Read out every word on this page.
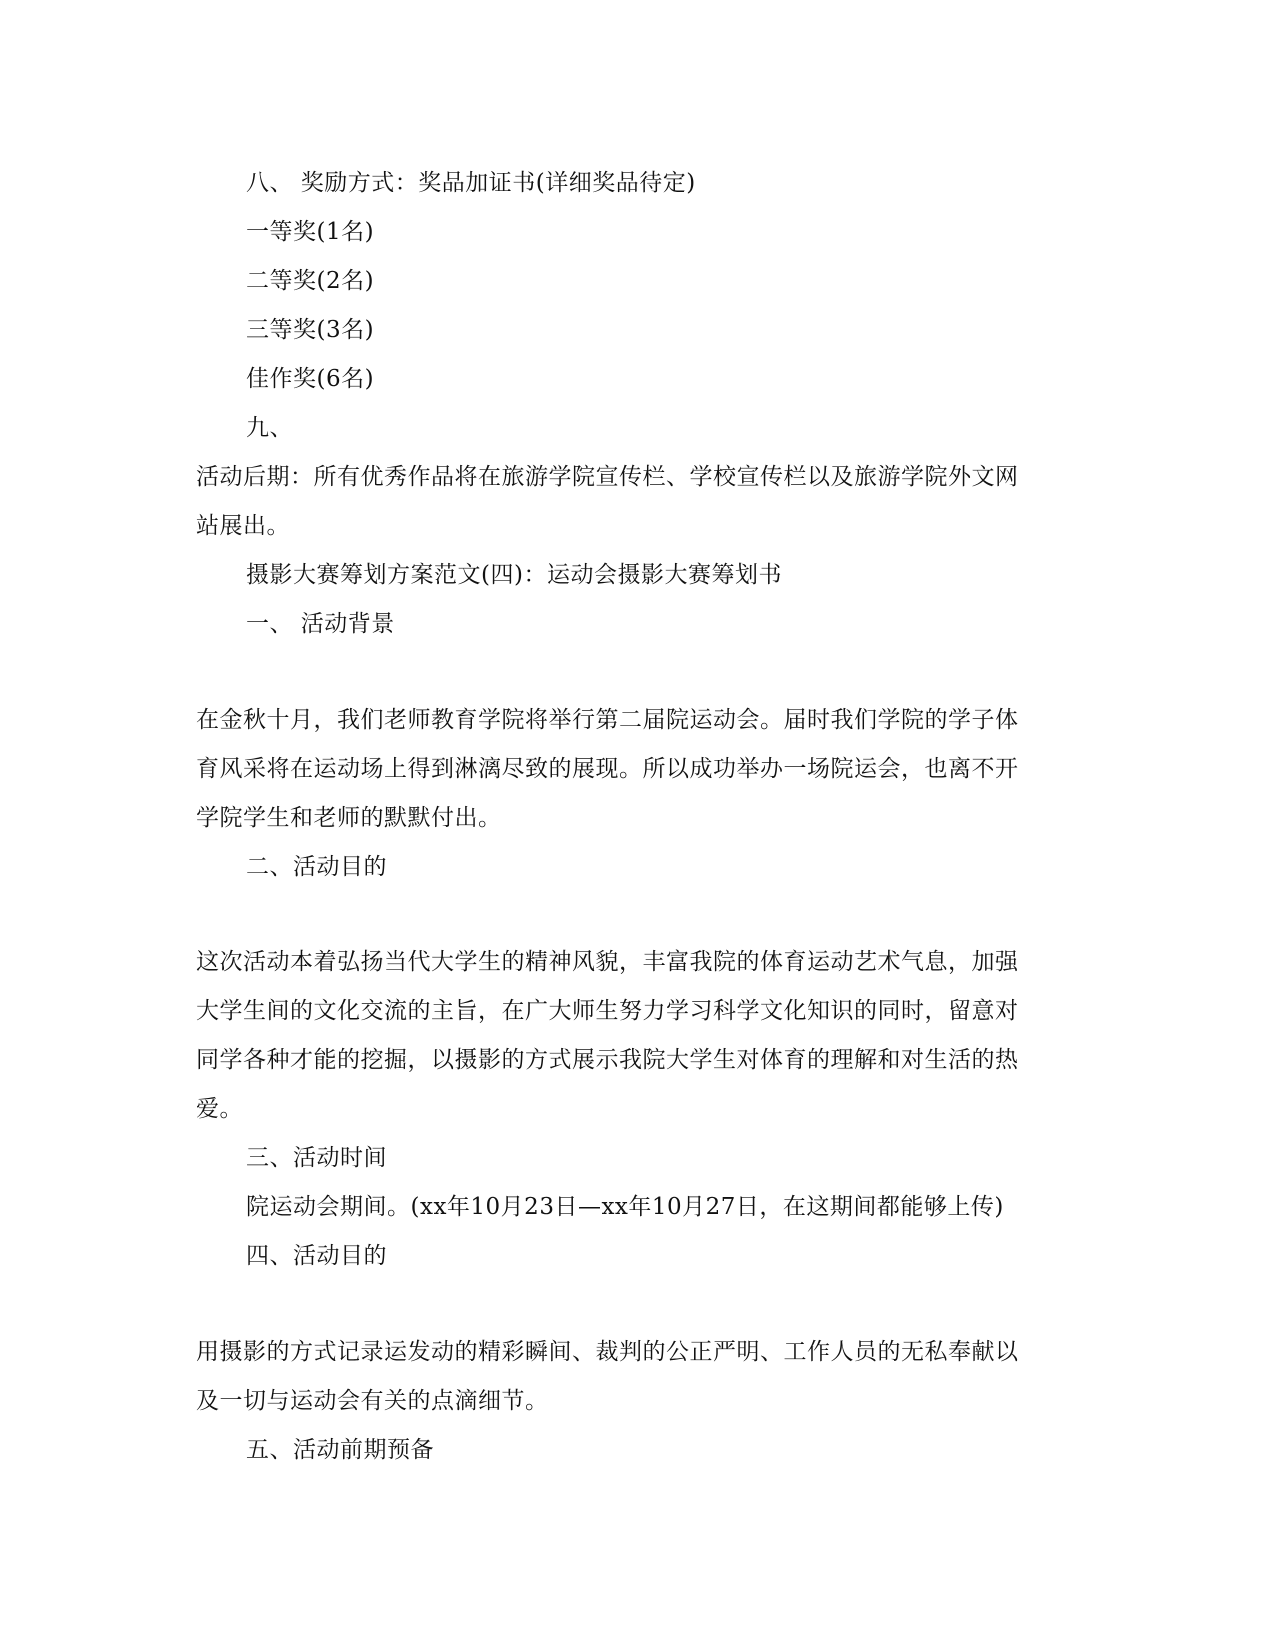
八、 奖励方式：奖品加证书(详细奖品待定)
一等奖(1名)
二等奖(2名)
三等奖(3名)
佳作奖(6名)
九、
活动后期：所有优秀作品将在旅游学院宣传栏、学校宣传栏以及旅游学院外文网
站展出。
摄影大赛筹划方案范文(四)：运动会摄影大赛筹划书
一、 活动背景
在金秋十月，我们老师教育学院将举行第二届院运动会。届时我们学院的学子体
育风采将在运动场上得到淋漓尽致的展现。所以成功举办一场院运会，也离不开
学院学生和老师的默默付出。
二、活动目的
这次活动本着弘扬当代大学生的精神风貌，丰富我院的体育运动艺术气息，加强
大学生间的文化交流的主旨，在广大师生努力学习科学文化知识的同时，留意对
同学各种才能的挖掘，以摄影的方式展示我院大学生对体育的理解和对生活的热
爱。
三、活动时间
院运动会期间。(xx年10月23日—xx年10月27日，在这期间都能够上传)
四、活动目的
用摄影的方式记录运发动的精彩瞬间、裁判的公正严明、工作人员的无私奉献以
及一切与运动会有关的点滴细节。
五、活动前期预备
